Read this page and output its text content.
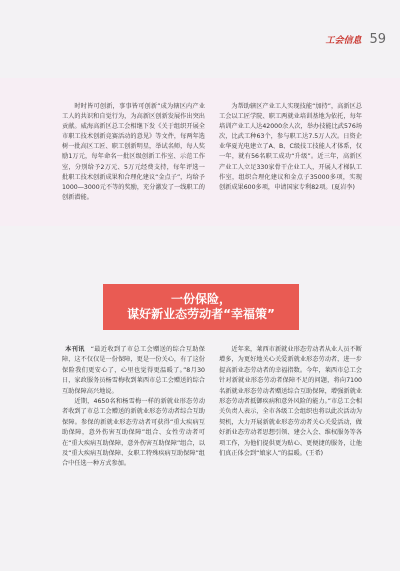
工会信息 59

时时皆可创新，事事皆可创新”成为辖区内产业工人的共识和自觉行为，为高新区创新发展作出突出贡献。威海高新区总工会相继下发《关于组织开展全市职工技术创新竞赛活动的意见》等文件，每两年选树一批高区工匠、职工创新明星，举试名师，每人奖励1万元，每年命名一批区级创新工作室、示范工作室，分别给予2万元、5万元经费支持，每年评选一批职工技术创新成果和合理化建议“金点子”，均给予1000—3000元不等的奖励，充分激发了一线职工的创新潜能。

为帮助辖区产业工人实现技能“加持”，高新区总工会以工匠学院、职工两就业培训基地为依托，每年培训产业工人达42000余人次，举办技能比武576场次，比武工种63个，参与职工达7.5万人次。日资企业华夏光电建立了A、B、C级技工技能人才体系，仅一年，就有56名职工成功“升级”。近三年，高新区产业工人立足330家骨干企业工人，开展人才梯队工作室，组织合理化建议和金点子35000多项，实现创新成果600多项，申请国家专利82项。(夏岩李)

一份保险，
谋好新业态劳动者“幸福策”

本刊讯 “最近收到了市总工会赠送的综合互助保障，这不仅仅是一份保障，更是一份关心，有了这份保险我们更安心了，心里也觉得更温暖了。”8月30日，家政服务员杨雪梅收到莱西市总工会赠送的综合互助保障高兴地说。

近期，4650名和杨雪梅一样的新就业形态劳动者收到了市总工会赠送的新就业形态劳动者综合互助保障。参保的新就业形态劳动者可获得“重大疾病互助保障，意外伤害互助保障”组合、女性劳动者可在“重大疾病互助保障，意外伤害互助保障”组合，以及“重大疾病互助保障、女职工特殊疾病互助保障”组合中任选一种方式参加。

近年来，莱西市新就业形态劳动者从业人员不断增多，为更好地关心关爱新就业形态劳动者，进一步提高新业态劳动者的幸福指数。今年，莱西市总工会针对新就业形态劳动者保障不足的问题，将向7100名新就业形态劳动者赠送综合互助保障，增强新就业形态劳动者抵御疾病和意外风险的能力。”市总工会相关负责人表示，全市各级工会组织也将以此次活动为契机，大力开展新就业形态劳动者关心关爱活动，做好新业态劳动者思想引领、建会入会、维权服务等各项工作，为他们提供更为贴心、更便捷的服务，让他们真正体会到“娘家人”的温暖。(王希)
